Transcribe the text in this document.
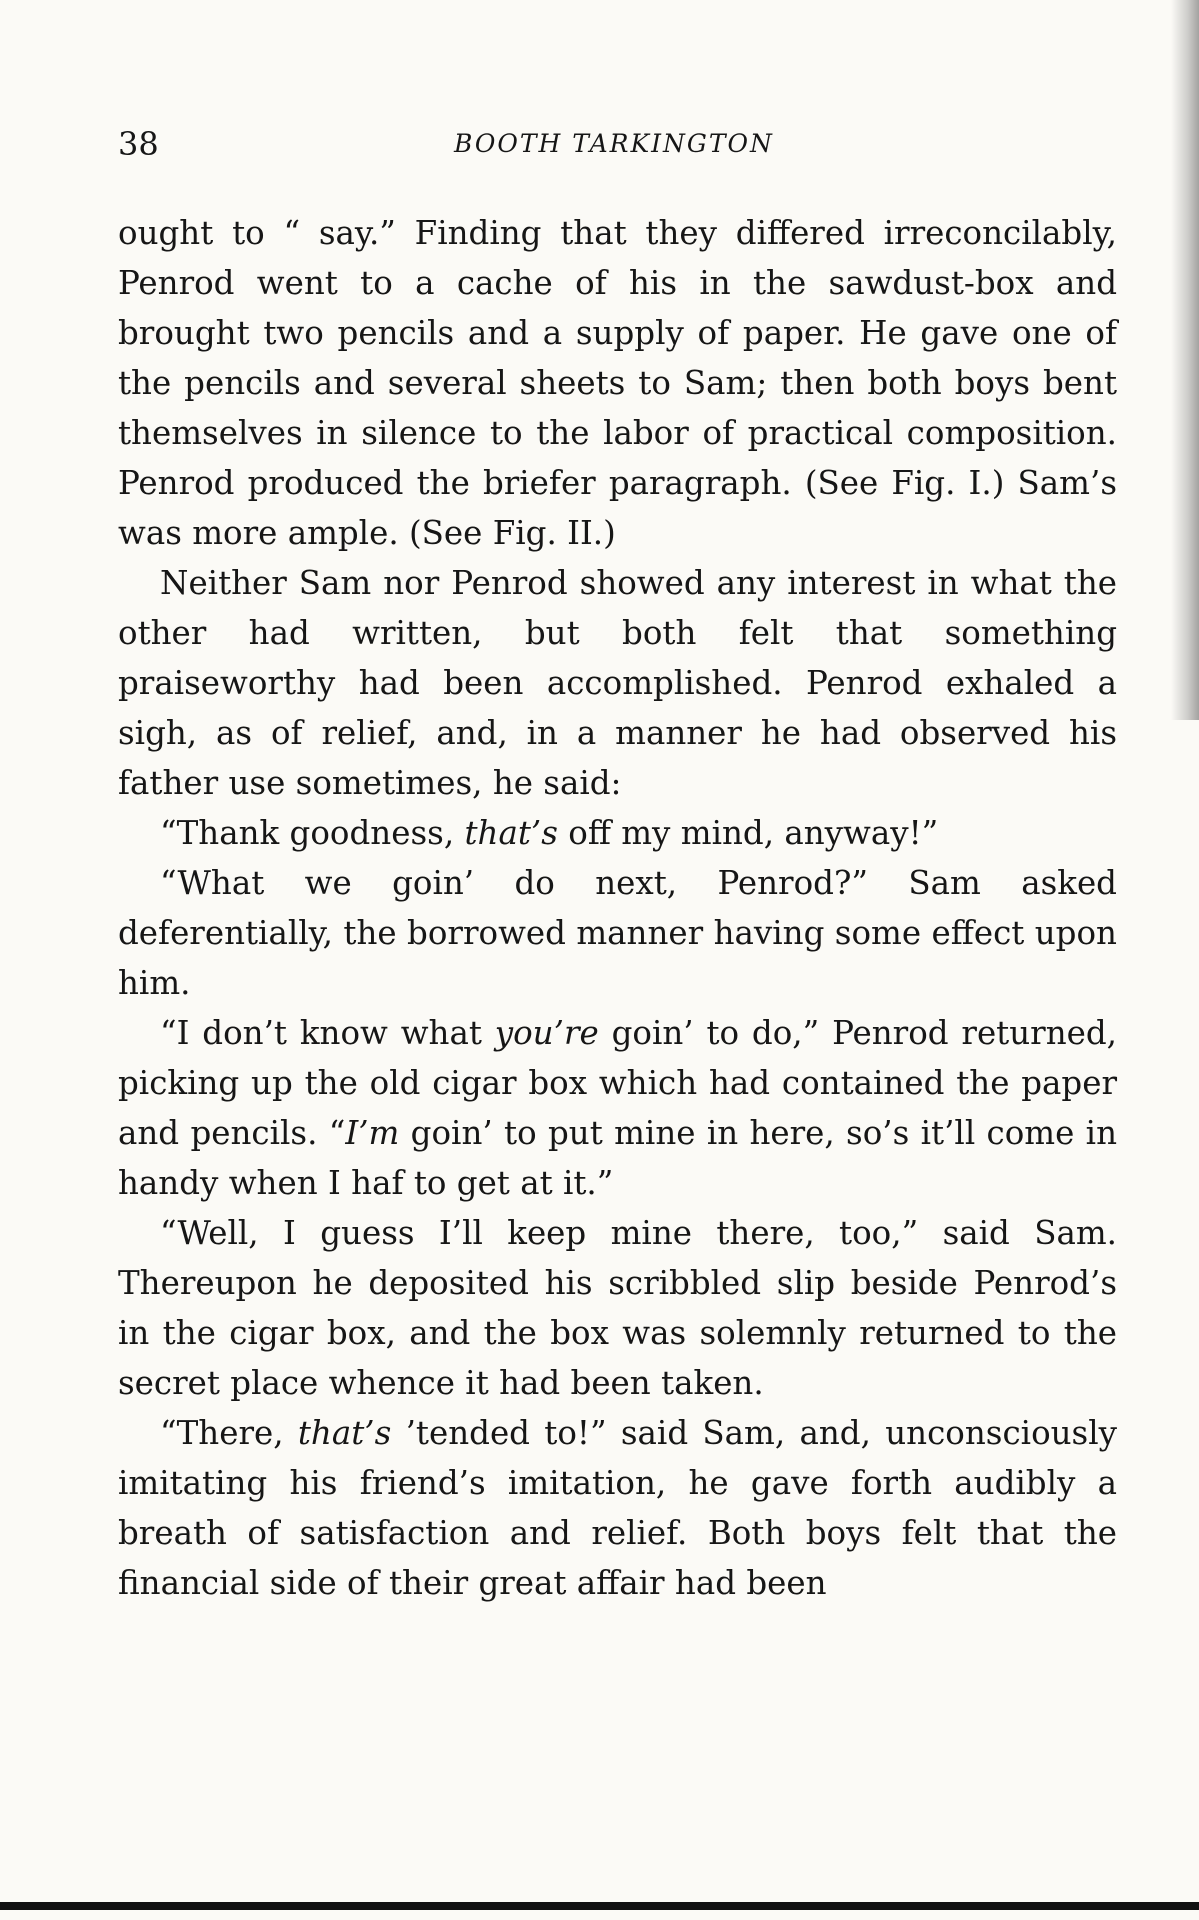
38	BOOTH TARKINGTON

ought to “ say.” Finding that they differed irreconcilably, Penrod went to a cache of his in the sawdust-box and brought two pencils and a supply of paper. He gave one of the pencils and several sheets to Sam; then both boys bent themselves in silence to the labor of practical composition. Penrod produced the briefer paragraph. (See Fig. I.) Sam’s was more ample. (See Fig. II.)

Neither Sam nor Penrod showed any interest in what the other had written, but both felt that something praiseworthy had been accomplished. Penrod exhaled a sigh, as of relief, and, in a manner he had observed his father use sometimes, he said:

“Thank goodness, that’s off my mind, anyway!”

“What we goin’ do next, Penrod?” Sam asked deferentially, the borrowed manner having some effect upon him.

“I don’t know what you’re goin’ to do,” Penrod returned, picking up the old cigar box which had contained the paper and pencils. “I’m goin’ to put mine in here, so’s it’ll come in handy when I haf to get at it.”

“Well, I guess I’ll keep mine there, too,” said Sam. Thereupon he deposited his scribbled slip beside Penrod’s in the cigar box, and the box was solemnly returned to the secret place whence it had been taken.

“There, that’s ’tended to!” said Sam, and, unconsciously imitating his friend’s imitation, he gave forth audibly a breath of satisfaction and relief. Both boys felt that the financial side of their great affair had been
